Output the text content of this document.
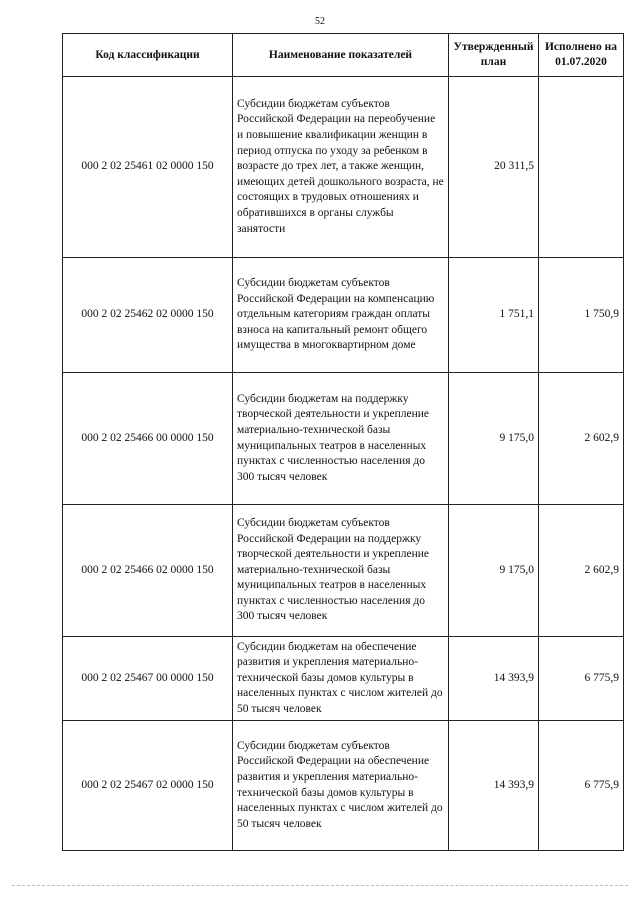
52
Код классификации	Наименование показателей	Утвержденный план	Исполнено на 01.07.2020
000 2 02 25461 02 0000 150	Субсидии бюджетам субъектов Российской Федерации на переобучение и повышение квалификации женщин в период отпуска по уходу за ребенком в возрасте до трех лет, а также женщин, имеющих детей дошкольного возраста, не состоящих в трудовых отношениях и обратившихся в органы службы занятости	20 311,5	
000 2 02 25462 02 0000 150	Субсидии бюджетам субъектов Российской Федерации на компенсацию отдельным категориям граждан оплаты взноса на капитальный ремонт общего имущества в многоквартирном доме	1 751,1	1 750,9
000 2 02 25466 00 0000 150	Субсидии бюджетам на поддержку творческой деятельности и укрепление материально-технической базы муниципальных театров в населенных пунктах с численностью населения до 300 тысяч человек	9 175,0	2 602,9
000 2 02 25466 02 0000 150	Субсидии бюджетам субъектов Российской Федерации на поддержку творческой деятельности и укрепление материально-технической базы муниципальных театров в населенных пунктах с численностью населения до 300 тысяч человек	9 175,0	2 602,9
000 2 02 25467 00 0000 150	Субсидии бюджетам на обеспечение развития и укрепления материально-технической базы домов культуры в населенных пунктах с числом жителей до 50 тысяч человек	14 393,9	6 775,9
000 2 02 25467 02 0000 150	Субсидии бюджетам субъектов Российской Федерации на обеспечение развития и укрепления материально-технической базы домов культуры в населенных пунктах с числом жителей до 50 тысяч человек	14 393,9	6 775,9
